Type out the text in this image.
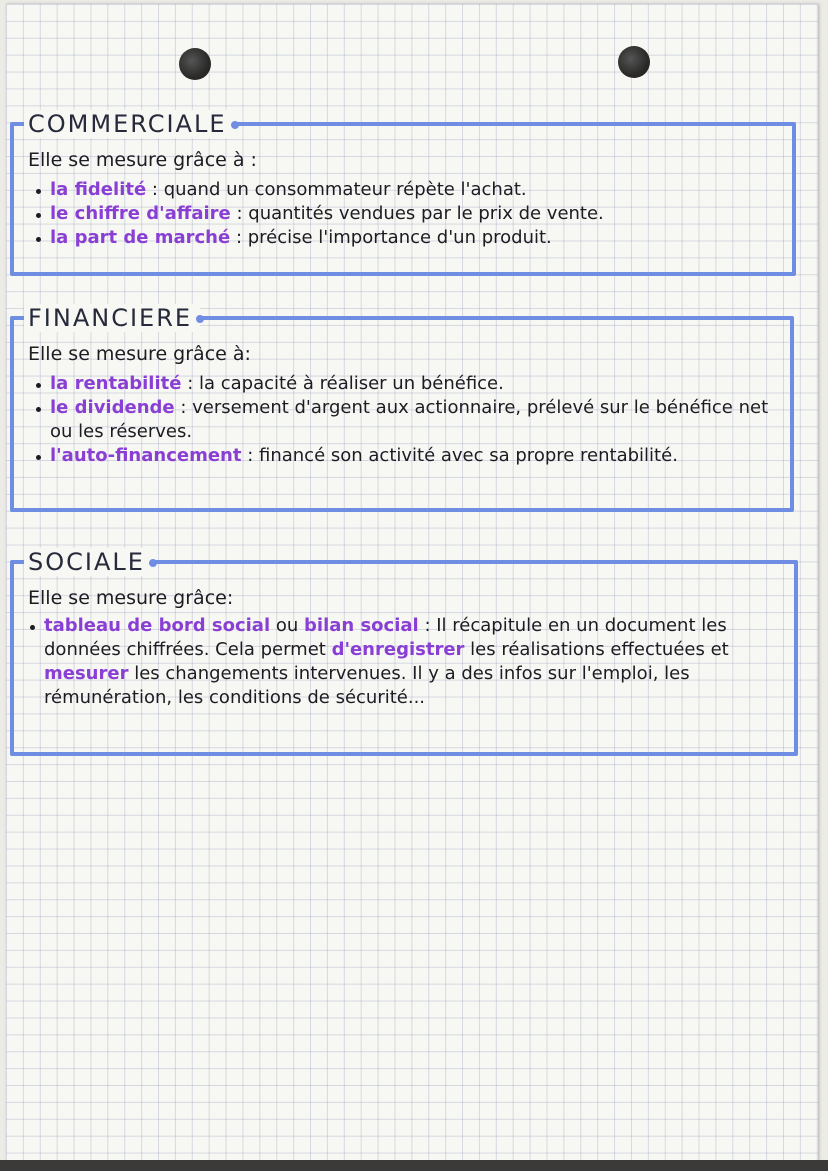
COMMERCIALE
Elle se mesure grâce à :
la fidelité : quand un consommateur répète l'achat.
le chiffre d'affaire : quantités vendues par le prix de vente.
la part de marché : précise l'importance d'un produit.
FINANCIERE
Elle se mesure grâce à:
la rentabilité : la capacité à réaliser un bénéfice.
le dividende : versement d'argent aux actionnaire, prélevé sur le bénéfice net ou les réserves.
l'auto-financement : financé son activité avec sa propre rentabilité.
SOCIALE
Elle se mesure grâce:
tableau de bord social ou bilan social : Il récapitule en un document les données chiffrées. Cela permet d'enregistrer les réalisations effectuées et mesurer les changements intervenues. Il y a des infos sur l'emploi, les rémunération, les conditions de sécurité...
